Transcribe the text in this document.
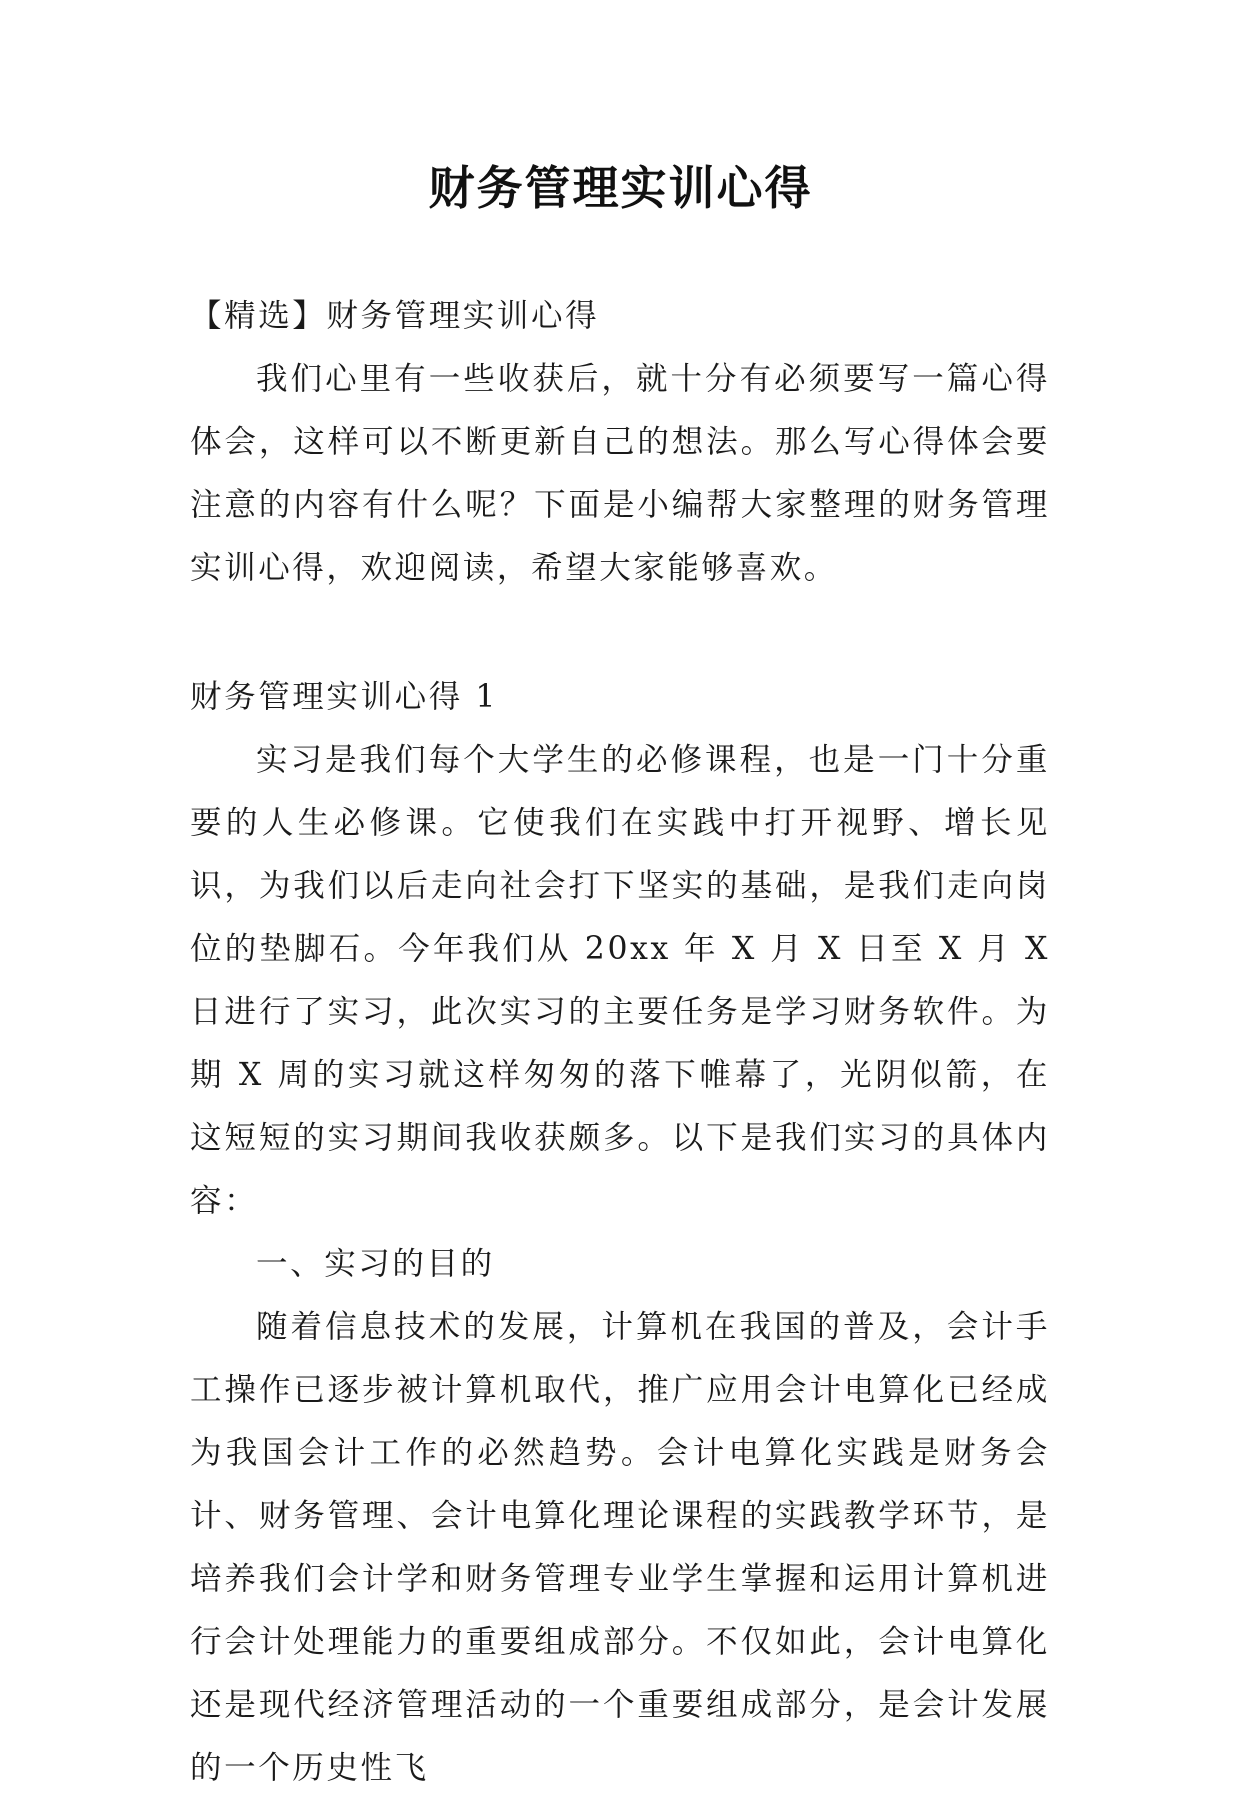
财务管理实训心得

【精选】财务管理实训心得

我们心里有一些收获后，就十分有必须要写一篇心得体会，这样可以不断更新自己的想法。那么写心得体会要注意的内容有什么呢？下面是小编帮大家整理的财务管理实训心得，欢迎阅读，希望大家能够喜欢。

财务管理实训心得 1

实习是我们每个大学生的必修课程，也是一门十分重要的人生必修课。它使我们在实践中打开视野、增长见识，为我们以后走向社会打下坚实的基础，是我们走向岗位的垫脚石。今年我们从 20xx 年 X 月 X 日至 X 月 X 日进行了实习，此次实习的主要任务是学习财务软件。为期 X 周的实习就这样匆匆的落下帷幕了，光阴似箭，在这短短的实习期间我收获颇多。以下是我们实习的具体内容：

一、实习的目的

随着信息技术的发展，计算机在我国的普及，会计手工操作已逐步被计算机取代，推广应用会计电算化已经成为我国会计工作的必然趋势。会计电算化实践是财务会计、财务管理、会计电算化理论课程的实践教学环节，是培养我们会计学和财务管理专业学生掌握和运用计算机进行会计处理能力的重要组成部分。不仅如此，会计电算化还是现代经济管理活动的一个重要组成部分，是会计发展的一个历史性飞
